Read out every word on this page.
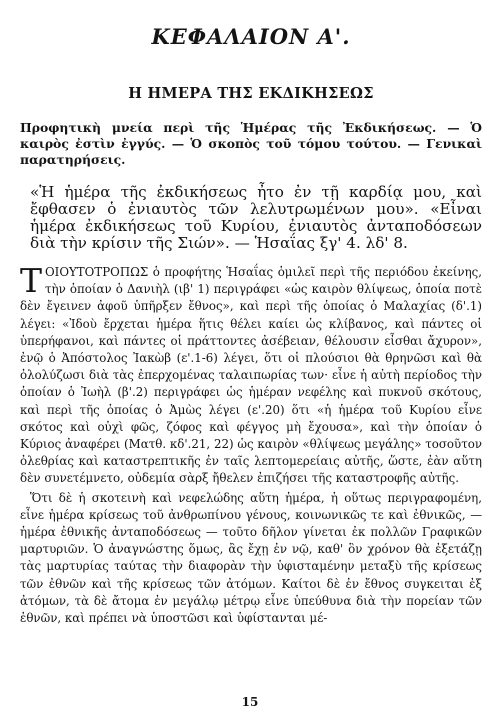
ΚΕΦΑΛΑΙΟΝ Α'.
Η ΗΜΕΡΑ ΤΗΣ ΕΚΔΙΚΗΣΕΩΣ
Προφητικὴ μνεία περὶ τῆς Ἡμέρας τῆς Ἐκδικήσεως. — Ὁ καιρὸς ἐστὶν ἐγγύς. — Ὁ σκοπὸς τοῦ τόμου τούτου. — Γενικαὶ παρατηρήσεις.
«Ἡ ἡμέρα τῆς ἐκδικήσεως ἦτο ἐν τῇ καρδίᾳ μου, καὶ ἔφθασεν ὁ ἐνιαυτὸς τῶν λελυτρωμένων μου». «Εἶναι ἡμέρα ἐκδικήσεως τοῦ Κυρίου, ἐνιαυτὸς ἀνταποδόσεων διὰ τὴν κρίσιν τῆς Σιών». — Ἡσαΐας ξγ' 4. λδ' 8.

ΤΟΙΟΥΤΟΤΡΟΠΩΣ ὁ προφήτης Ἡσαΐας ὁμιλεῖ περὶ τῆς περιόδου ἐκείνης, τὴν ὁποίαν ὁ Δανιὴλ (ιβ' 1) περιγράφει «ὡς καιρὸν θλίψεως, ὁποία ποτὲ δὲν ἔγεινεν ἀφοῦ ὑπῆρξεν ἔθνος», καὶ περὶ τῆς ὁποίας ὁ Μαλαχίας (δ'.1) λέγει: «Ἰδοὺ ἔρχεται ἡμέρα ἥτις θέλει καίει ὡς κλίβανος, καὶ πάντες οἱ ὑπερήφανοι, καὶ πάντες οἱ πράττοντες ἀσέβειαν, θέλουσιν εἶσθαι ἄχυρον», ἐνῷ ὁ Ἀπόστολος Ἰακὼβ (ε'.1-6) λέγει, ὅτι οἱ πλούσιοι θὰ θρηνῶσι καὶ θὰ ὀλολύζωσι διὰ τὰς ἐπερχομένας ταλαιπωρίας των· εἶνε ἡ αὐτὴ περίοδος τὴν ὁποίαν ὁ Ἰωὴλ (β'.2) περιγράφει ὡς ἡμέραν νεφέλης καὶ πυκνοῦ σκότους, καὶ περὶ τῆς ὁποίας ὁ Ἀμὼς λέγει (ε'.20) ὅτι «ἡ ἡμέρα τοῦ Κυρίου εἶνε σκότος καὶ οὐχὶ φῶς, ζόφος καὶ φέγγος μὴ ἔχουσα», καὶ τὴν ὁποίαν ὁ Κύριος ἀναφέρει (Ματθ. κδ'.21, 22) ὡς καιρὸν «θλίψεως μεγάλης» τοσοῦτον ὀλεθρίας καὶ καταστρεπτικῆς ἐν ταῖς λεπτομερείαις αὐτῆς, ὥστε, ἐὰν αὕτη δὲν συνετέμνετο, οὐδεμία σὰρξ ἤθελεν ἐπιζήσει τῆς καταστροφῆς αὐτῆς.

Ὅτι δὲ ἡ σκοτεινὴ καὶ νεφελώδης αὕτη ἡμέρα, ἡ οὕτως περιγραφομένη, εἶνε ἡμέρα κρίσεως τοῦ ἀνθρωπίνου γένους, κοινωνικῶς τε καὶ ἐθνικῶς, — ἡμέρα ἐθνικῆς ἀνταποδόσεως — τοῦτο δῆλον γίνεται ἐκ πολλῶν Γραφικῶν μαρτυριῶν. Ὁ ἀναγνώστης ὅμως, ἂς ἔχῃ ἐν νῷ, καθ' ὃν χρόνον θὰ ἐξετάζῃ τὰς μαρτυρίας ταύτας τὴν διαφορὰν τὴν ὑφισταμένην μεταξὺ τῆς κρίσεως τῶν ἐθνῶν καὶ τῆς κρίσεως τῶν ἀτόμων. Καίτοι δὲ ἐν ἔθνος συγκειται ἐξ ἀτόμων, τὰ δὲ ἄτομα ἐν μεγάλῳ μέτρῳ εἶνε ὑπεύθυνα διὰ τὴν πορείαν τῶν ἐθνῶν, καὶ πρέπει νὰ ὑποστῶσι καὶ ὑφίστανται μέ-

15
